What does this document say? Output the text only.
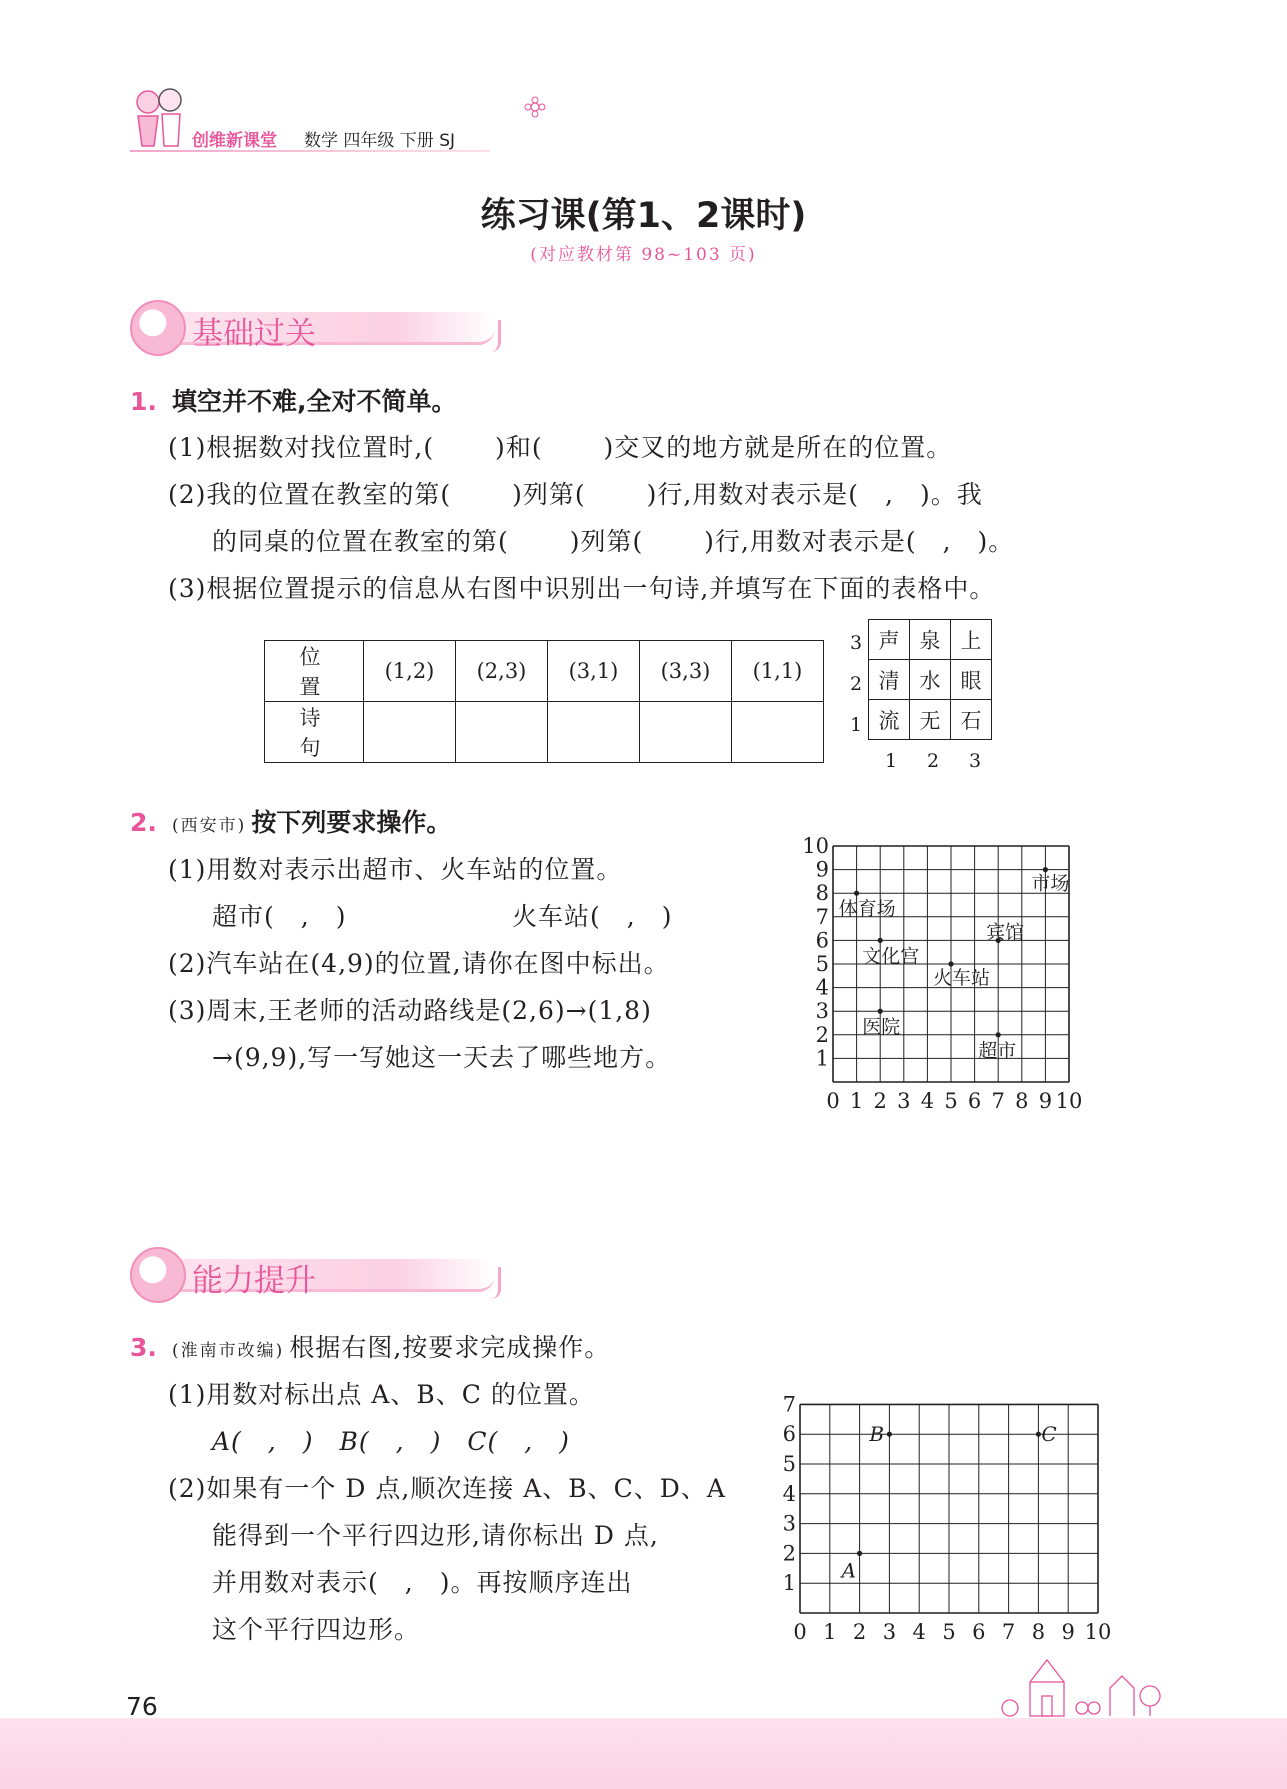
创维新课堂 数学 四年级 下册 SJ
练习课(第1、2课时)
(对应教材第 98~103 页)
基础过关
1. 填空并不难,全对不简单。
(1)根据数对找位置时,(　　 )和(　　 )交叉的地方就是所在的位置。
(2)我的位置在教室的第(　　 )列第(　　 )行,用数对表示是(　,　)。我
的同桌的位置在教室的第(　　 )列第(　　 )行,用数对表示是(　,　)。
(3)根据位置提示的信息从右图中识别出一句诗,并填写在下面的表格中。
位 置	(1,2)	(2,3)	(3,1)	(3,3)	(1,1)
诗 句					
3
2
1
声	泉	上
清	水	眼
流	无	石
1 2 3
2. (西安市) 按下列要求操作。
(1)用数对表示出超市、火车站的位置。
超市(　,　)	火车站(　,　)
(2)汽车站在(4,9)的位置,请你在图中标出。
(3)周末,王老师的活动路线是(2,6)→(1,8)
→(9,9),写一写她这一天去了哪些地方。
0 1 2 3 4 5 6 7 8 9 10
1
2
3
4
5
6
7
8
9
10
体育场
市场
宾馆
文化宫
火车站
医院
超市
能力提升
3. (淮南市改编) 根据右图,按要求完成操作。
(1)用数对标出点 A、B、C 的位置。
A(　,　)　B(　,　)　C(　,　)
(2)如果有一个 D 点,顺次连接 A、B、C、D、A
能得到一个平行四边形,请你标出 D 点,
并用数对表示(　,　)。再按顺序连出
这个平行四边形。	0 1 2 3 4 5 6 7 8 9 10
1
2
3
4
5
6
7
A
B	C
76
